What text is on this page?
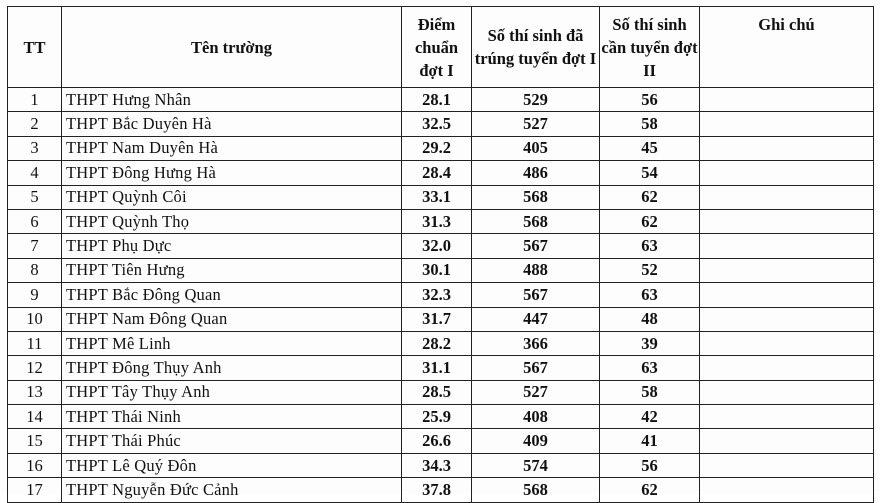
TT	Tên trường	Điểm chuẩn đợt I	Số thí sinh đã trúng tuyển đợt I	Số thí sinh cần tuyển đợt II	Ghi chú
1	THPT Hưng Nhân	28.1	529	56	
2	THPT Bắc Duyên Hà	32.5	527	58	
3	THPT Nam Duyên Hà	29.2	405	45	
4	THPT Đông Hưng Hà	28.4	486	54	
5	THPT Quỳnh Côi	33.1	568	62	
6	THPT Quỳnh Thọ	31.3	568	62	
7	THPT Phụ Dực	32.0	567	63	
8	THPT Tiên Hưng	30.1	488	52	
9	THPT Bắc Đông Quan	32.3	567	63	
10	THPT Nam Đông Quan	31.7	447	48	
11	THPT Mê Linh	28.2	366	39	
12	THPT Đông Thụy Anh	31.1	567	63	
13	THPT Tây Thụy Anh	28.5	527	58	
14	THPT Thái Ninh	25.9	408	42	
15	THPT Thái Phúc	26.6	409	41	
16	THPT Lê Quý Đôn	34.3	574	56	
17	THPT Nguyễn Đức Cảnh	37.8	568	62	
